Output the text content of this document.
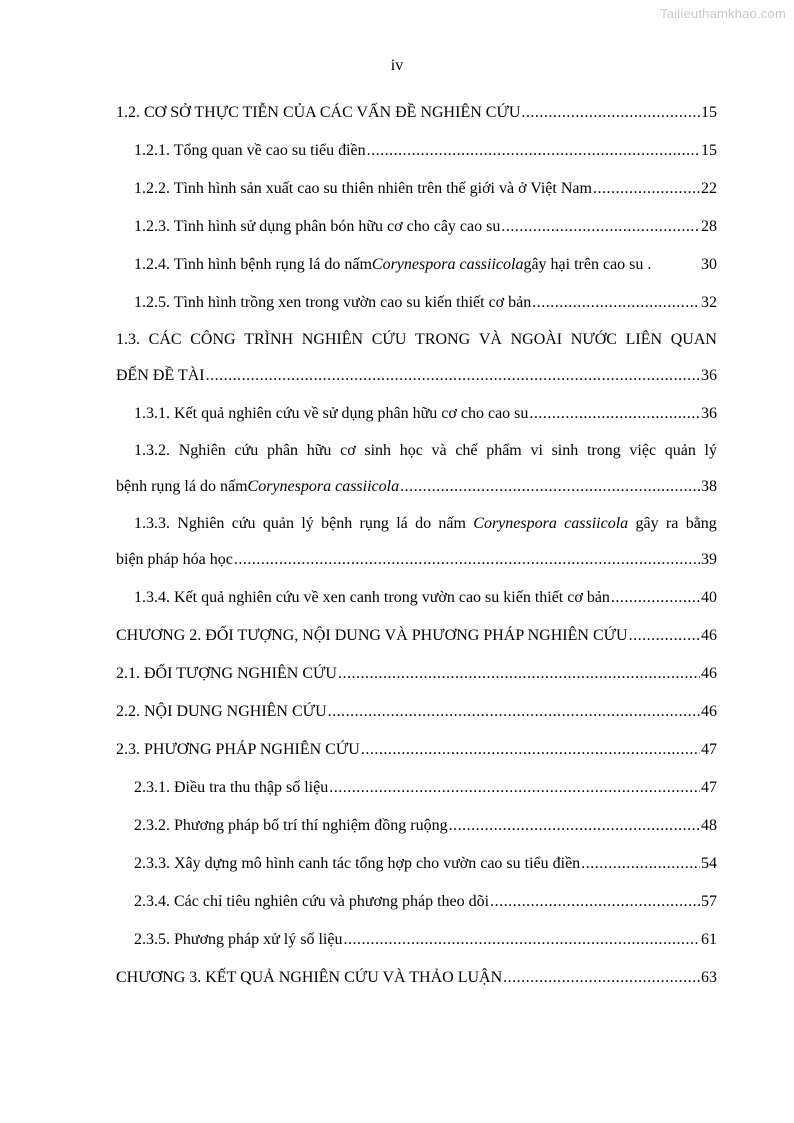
Tailieuthamkhao.com
iv
1.2. CƠ SỞ THỰC TIỄN CỦA CÁC VẤN ĐỀ NGHIÊN CỨU .....	15
1.2.1. Tổng quan về cao su tiểu điền .....	15
1.2.2. Tình hình sản xuất cao su thiên nhiên trên thế giới và ở Việt Nam .....	22
1.2.3. Tình hình sử dụng phân bón hữu cơ cho cây cao su .....	28
1.2.4. Tình hình bệnh rụng lá do nấm Corynespora cassiicola gây hại trên cao su .	30
1.2.5. Tình hình trồng xen trong vườn cao su kiến thiết cơ bản .....	32
1.3. CÁC CÔNG TRÌNH NGHIÊN CỨU TRONG VÀ NGOÀI NƯỚC LIÊN QUAN
ĐẾN ĐỀ TÀI .....	36
1.3.1. Kết quả nghiên cứu về sử dụng phân hữu cơ cho cao su .....	36
1.3.2. Nghiên cứu phân hữu cơ sinh học và chế phẩm vi sinh trong việc quản lý
bệnh rụng lá do nấm Corynespora cassiicola .....	38
1.3.3. Nghiên cứu quản lý bệnh rụng lá do nấm Corynespora cassiicola gây ra bằng
biện pháp hóa học .....	39
1.3.4. Kết quả nghiên cứu về xen canh trong vườn cao su kiến thiết cơ bản .....	40
CHƯƠNG 2. ĐỐI TƯỢNG, NỘI DUNG VÀ PHƯƠNG PHÁP NGHIÊN CỨU .....	46
2.1. ĐỐI TƯỢNG NGHIÊN CỨU .....	46
2.2. NỘI DUNG NGHIÊN CỨU .....	46
2.3. PHƯƠNG PHÁP NGHIÊN CỨU .....	47
2.3.1. Điều tra thu thập số liệu .....	47
2.3.2. Phương pháp bố trí thí nghiệm đồng ruộng .....	48
2.3.3. Xây dựng mô hình canh tác tổng hợp cho vườn cao su tiểu điền .....	54
2.3.4. Các chỉ tiêu nghiên cứu và phương pháp theo dõi .....	57
2.3.5. Phương pháp xử lý số liệu .....	61
CHƯƠNG 3. KẾT QUẢ NGHIÊN CỨU VÀ THẢO LUẬN .....	63
